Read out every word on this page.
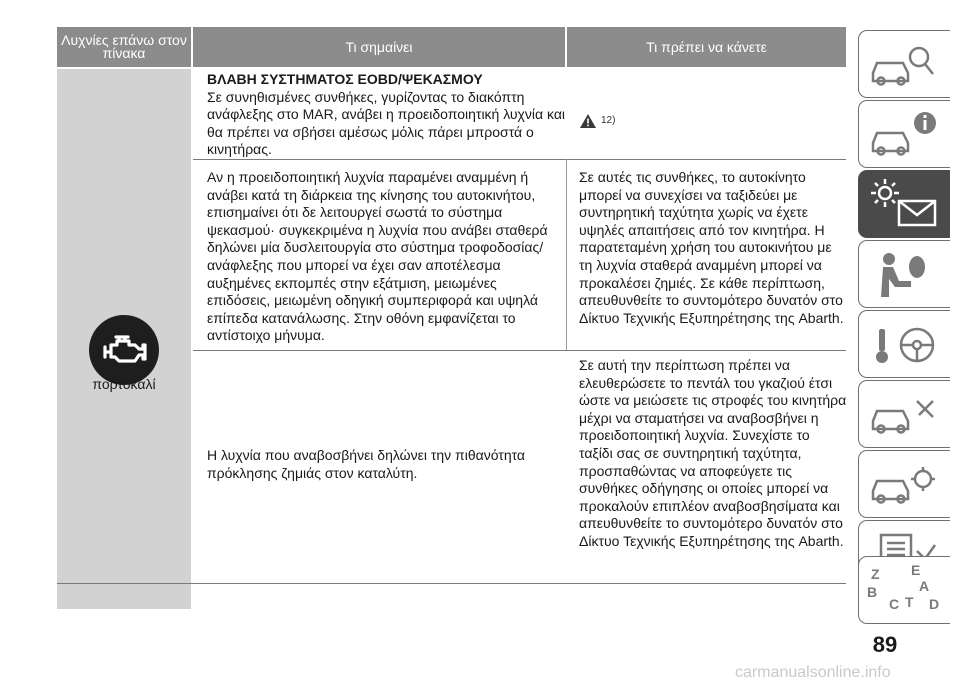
Λυχνίες επάνω στον πίνακα	Τι σημαίνει	Τι πρέπει να κάνετε
πορτοκαλί
ΒΛΑΒΗ ΣΥΣΤΗΜΑΤΟΣ EOBD/ΨΕΚΑΣΜΟΥ
Σε συνηθισμένες συνθήκες, γυρίζοντας το διακόπτη ανάφλεξης στο MAR, ανάβει η προειδοποιητική λυχνία και θα πρέπει να σβήσει αμέσως μόλις πάρει μπροστά ο κινητήρας.
12)
Αν η προειδοποιητική λυχνία παραμένει αναμμένη ή ανάβει κατά τη διάρκεια της κίνησης του αυτοκινήτου, επισημαίνει ότι δε λειτουργεί σωστά το σύστημα ψεκασμού· συγκεκριμένα η λυχνία που ανάβει σταθερά δηλώνει μία δυσλειτουργία στο σύστημα τροφοδοσίας/ ανάφλεξης που μπορεί να έχει σαν αποτέλεσμα αυξημένες εκπομπές στην εξάτμιση, μειωμένες επιδόσεις, μειωμένη οδηγική συμπεριφορά και υψηλά επίπεδα κατανάλωσης. Στην οθόνη εμφανίζεται το αντίστοιχο μήνυμα.
Σε αυτές τις συνθήκες, το αυτοκίνητο μπορεί να συνεχίσει να ταξιδεύει με συντηρητική ταχύτητα χωρίς να έχετε υψηλές απαιτήσεις από τον κινητήρα. Η παρατεταμένη χρήση του αυτοκινήτου με τη λυχνία σταθερά αναμμένη μπορεί να προκαλέσει ζημιές. Σε κάθε περίπτωση, απευθυνθείτε το συντομότερο δυνατόν στο Δίκτυο Τεχνικής Εξυπηρέτησης της Abarth.
Η λυχνία που αναβοσβήνει δηλώνει την πιθανότητα πρόκλησης ζημιάς στον καταλύτη.
Σε αυτή την περίπτωση πρέπει να ελευθερώσετε το πεντάλ του γκαζιού έτσι ώστε να μειώσετε τις στροφές του κινητήρα μέχρι να σταματήσει να αναβοσβήνει η προειδοποιητική λυχνία. Συνεχίστε το ταξίδι σας σε συντηρητική ταχύτητα, προσπαθώντας να αποφεύγετε τις συνθήκες οδήγησης οι οποίες μπορεί να προκαλούν επιπλέον αναβοσβησίματα και απευθυνθείτε το συντομότερο δυνατόν στο Δίκτυο Τεχνικής Εξυπηρέτησης της Abarth.
Z E
A
B
C T D
89
carmanualsonline.info
